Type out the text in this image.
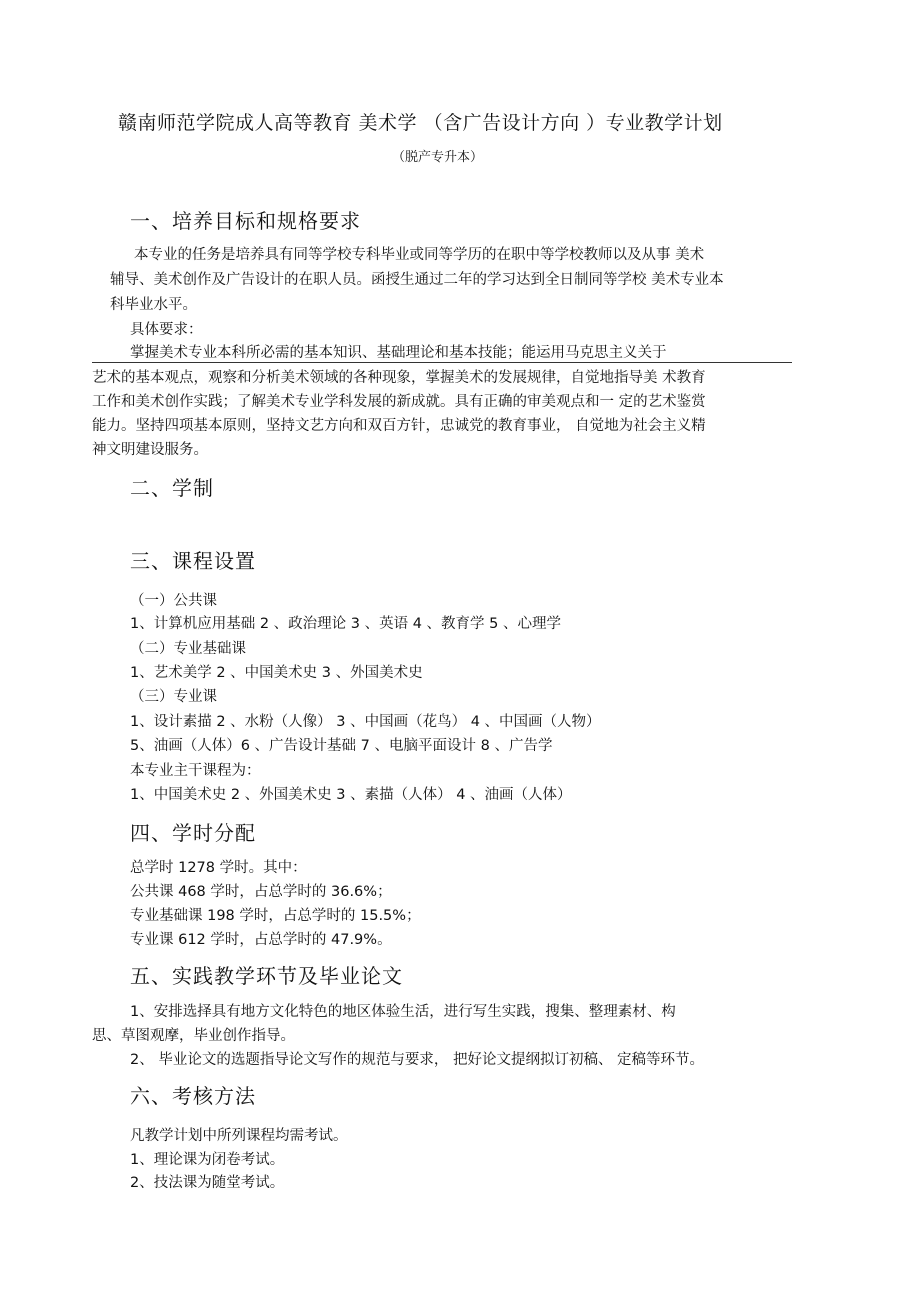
赣南师范学院成人高等教育 美术学 （含广告设计方向 ）专业教学计划
（脱产专升本）
一、培养目标和规格要求
本专业的任务是培养具有同等学校专科毕业或同等学历的在职中等学校教师以及从事 美术
辅导、美术创作及广告设计的在职人员。函授生通过二年的学习达到全日制同等学校 美术专业本
科毕业水平。
具体要求：
掌握美术专业本科所必需的基本知识、基础理论和基本技能；能运用马克思主义关于
艺术的基本观点，观察和分析美术领域的各种现象，掌握美术的发展规律，自觉地指导美 术教育
工作和美术创作实践；了解美术专业学科发展的新成就。具有正确的审美观点和一 定的艺术鉴赏
能力。坚持四项基本原则，坚持文艺方向和双百方针，忠诚党的教育事业， 自觉地为社会主义精
神文明建设服务。
二、学制
三、课程设置
（一）公共课
1、计算机应用基础 2 、政治理论 3 、英语 4 、教育学 5 、心理学
（二）专业基础课
1、艺术美学 2 、中国美术史 3 、外国美术史
（三）专业课
1、设计素描 2 、水粉（人像） 3 、中国画（花鸟） 4 、中国画（人物）
5、油画（人体）6 、广告设计基础 7 、电脑平面设计 8 、广告学
本专业主干课程为：
1、中国美术史 2 、外国美术史 3 、素描（人体） 4 、油画（人体）
四、学时分配
总学时 1278 学时。其中：
公共课 468 学时，占总学时的 36.6%；
专业基础课 198 学时，占总学时的 15.5%；
专业课 612 学时，占总学时的 47.9%。
五、实践教学环节及毕业论文
1、安排选择具有地方文化特色的地区体验生活，进行写生实践，搜集、整理素材、构
思、草图观摩，毕业创作指导。
2、 毕业论文的选题指导论文写作的规范与要求， 把好论文提纲拟订初稿、 定稿等环节。
六、考核方法
凡教学计划中所列课程均需考试。
1、理论课为闭卷考试。
2、技法课为随堂考试。
